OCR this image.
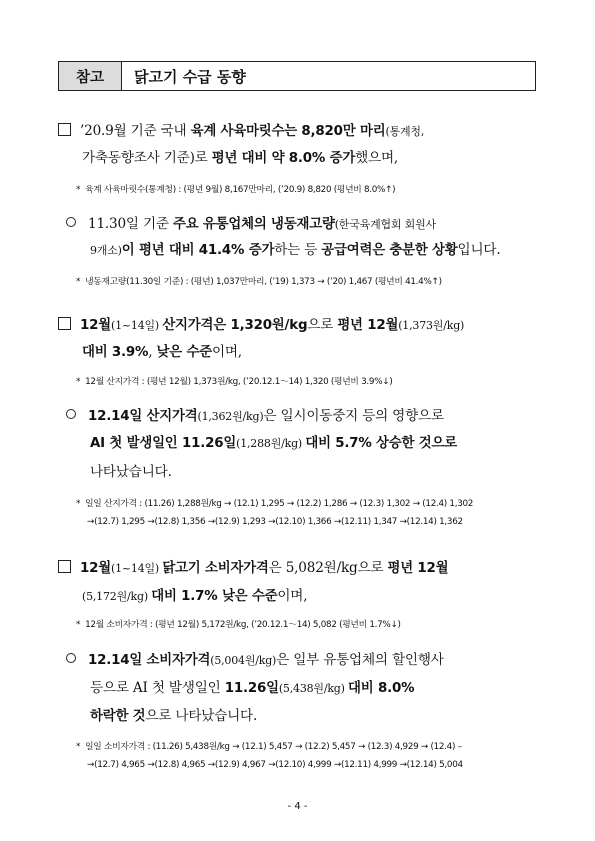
참고	닭고기 수급 동향
’20.9월 기준 국내 육계 사육마릿수는 8,820만 마리(통계청,
가축동향조사 기준)로 평년 대비 약 8.0% 증가했으며,
* 육계 사육마릿수(통계청) : (평년 9월) 8,167만마리, (’20.9) 8,820 (평년비 8.0%↑)
11.30일 기준 주요 유통업체의 냉동재고량(한국육계협회 회원사
9개소)이 평년 대비 41.4% 증가하는 등 공급여력은 충분한 상황입니다.
* 냉동재고량(11.30일 기준) : (평년) 1,037만마리, (’19) 1,373 → (’20) 1,467 (평년비 41.4%↑)
12월(1~14일) 산지가격은 1,320원/kg으로 평년 12월(1,373원/kg)
대비 3.9%, 낮은 수준이며,
* 12월 산지가격 : (평년 12월) 1,373원/kg, (’20.12.1～14) 1,320 (평년비 3.9%↓)
12.14일 산지가격(1,362원/kg)은 일시이동중지 등의 영향으로
AI 첫 발생일인 11.26일(1,288원/kg) 대비 5.7% 상승한 것으로
나타났습니다.
* 일일 산지가격 : (11.26) 1,288원/kg → (12.1) 1,295 → (12.2) 1,286 → (12.3) 1,302 → (12.4) 1,302
→(12.7) 1,295 →(12.8) 1,356 →(12.9) 1,293 →(12.10) 1,366 →(12.11) 1,347 →(12.14) 1,362
12월(1~14일) 닭고기 소비자가격은 5,082원/kg으로 평년 12월
(5,172원/kg) 대비 1.7% 낮은 수준이며,
* 12월 소비자가격 : (평년 12월) 5,172원/kg, (’20.12.1～14) 5,082 (평년비 1.7%↓)
12.14일 소비자가격(5,004원/kg)은 일부 유통업체의 할인행사
등으로 AI 첫 발생일인 11.26일(5,438원/kg) 대비 8.0%
하락한 것으로 나타났습니다.
* 일일 소비자가격 : (11.26) 5,438원/kg → (12.1) 5,457 → (12.2) 5,457 → (12.3) 4,929 → (12.4) –
→(12.7) 4,965 →(12.8) 4,965 →(12.9) 4,967 →(12.10) 4,999 →(12.11) 4,999 →(12.14) 5,004
- 4 -
